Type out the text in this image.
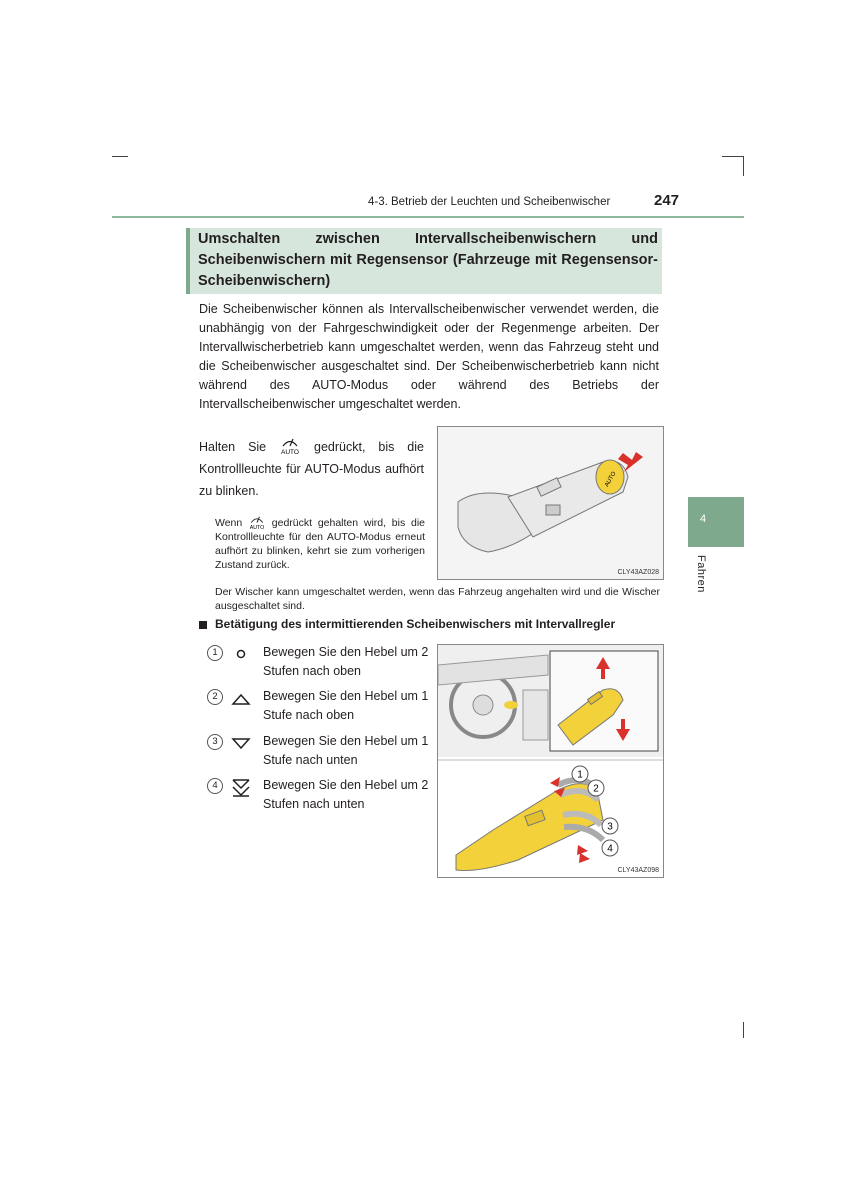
4-3. Betrieb der Leuchten und Scheibenwischer	247
4
Fahren
Umschalten zwischen Intervallscheibenwischern und Scheibenwischern mit Regensensor (Fahrzeuge mit Regensensor-Scheibenwischern)
Die Scheibenwischer können als Intervallscheibenwischer verwendet werden, die unabhängig von der Fahrgeschwindigkeit oder der Regenmenge arbeiten. Der Intervallwischerbetrieb kann umgeschaltet werden, wenn das Fahrzeug steht und die Scheibenwischer ausgeschaltet sind. Der Scheibenwischerbetrieb kann nicht während des AUTO-Modus oder während des Betriebs der Intervallscheibenwischer umgeschaltet werden.
Halten Sie AUTO gedrückt, bis die Kontrollleuchte für AUTO-Modus aufhört zu blinken.
Wenn AUTO gedrückt gehalten wird, bis die Kontrollleuchte für den AUTO-Modus erneut aufhört zu blinken, kehrt sie zum vorherigen Zustand zurück.
AUTO
CLY43AZ028
Der Wischer kann umgeschaltet werden, wenn das Fahrzeug angehalten wird und die Wischer ausgeschaltet sind.
Betätigung des intermittierenden Scheibenwischers mit Intervallregler
1	Bewegen Sie den Hebel um 2 Stufen nach oben
2	Bewegen Sie den Hebel um 1 Stufe nach oben
3	Bewegen Sie den Hebel um 1 Stufe nach unten
4	Bewegen Sie den Hebel um 2 Stufen nach unten
1
2
3
4
CLY43AZ098
